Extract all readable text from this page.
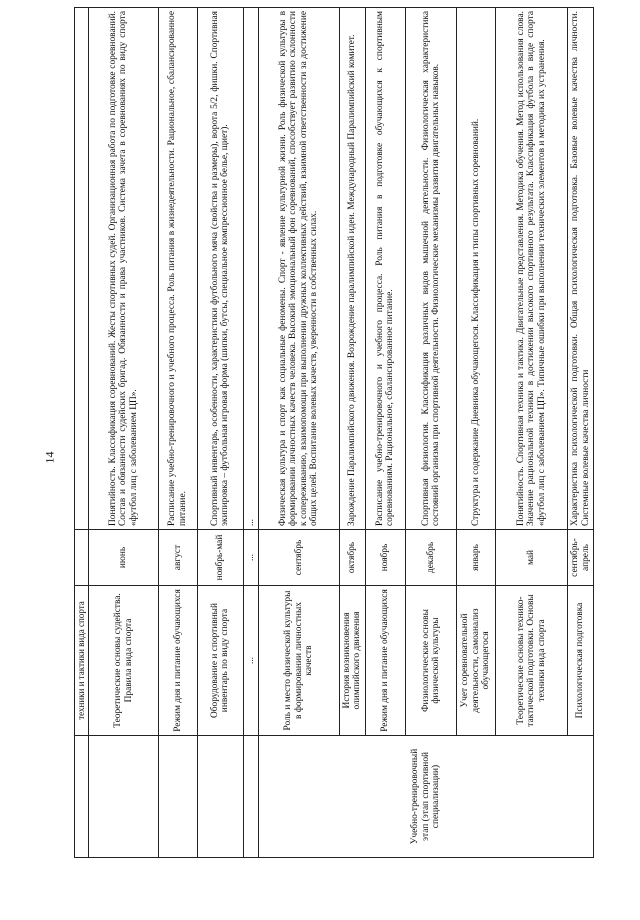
14
	техники и тактики вида спорта		
	Теоретические основы судейства. Правила вида спорта	июнь	Понятийность. Классификация соревнований. Жесты спортивных судей. Организационная работа по подготовке соревнований. Состав и обязанности судейских бригад. Обязанности и права участников. Система зачета в соревнованиях по виду спорта «футбол лиц с заболеванием ЦП».
	Режим дня и питание обучающихся	август	Расписание учебно-тренировочного и учебного процесса. Роль питания в жизнедеятельности. Рациональное, сбалансированное питание.
	Оборудование и спортивный инвентарь по виду спорта	ноябрь-май	Спортивный инвентарь, особенности, характеристики футбольного мяча (свойства и размеры), ворота 5/2, фишки. Спортивная экипировка – футбольная игровая форма (шипки, бутсы, специальное компрессионное белье, щиет).
	...	...	...
Учебно-тренировочный этап (этап спортивной специализации)	Роль и место физической культуры в формировании личностных качеств	сентябрь	Физическая культура и спорт как социальные феномены. Спорт - явление культурной жизни. Роль физической культуры в формировании личностных качеств человека. Высокий эмоциональный фон соревнований, способствует развитию склонности к сопереживанию, взаимопомощи при выполнении дружных коллективных действий, взаимной ответственности за достижение общих целей. Воспитание волевых качеств, уверенности в собственных силах.
	История возникновения олимпийского движения	октябрь	Зарождение Паралимпийского движения. Возрождение паралимпийской идеи. Международный Паралимпийский комитет.
	Режим дня и питание обучающихся	ноябрь	Расписание учебно-тренировочного и учебного процесса. Роль питания в подготовке обучающихся к спортивным соревнованиям. Рациональное, сбалансированное питание.
	Физиологические основы физической культуры	декабрь	Спортивная физиология. Классификация различных видов мышечной деятельности. Физиологическая характеристика состояний организма при спортивной деятельности. Физиологические механизмы развития двигательных навыков.
	Учет соревновательной деятельности, самоанализ обучающегося	январь	Структура и содержание Дневника обучающегося. Классификация и типы спортивных соревнований.
	Теоретические основы технико-тактической подготовки. Основы техники вида спорта	май	Понятийность. Спортивная техника и тактика. Двигательные представления. Методика обучения. Метод использования слова. Значение рациональной техники в достижении высокого спортивного результата. Классификация футбола в виде спорта «футбол лиц с заболеванием ЦП». Типичные ошибки при выполнении технических элементов и методика их устранения.
	Психологическая подготовка	сентябрь-апрель	Характеристика психологической подготовки. Общая психологическая подготовка. Базовые волевые качества личности. Системные волевые качества личности
